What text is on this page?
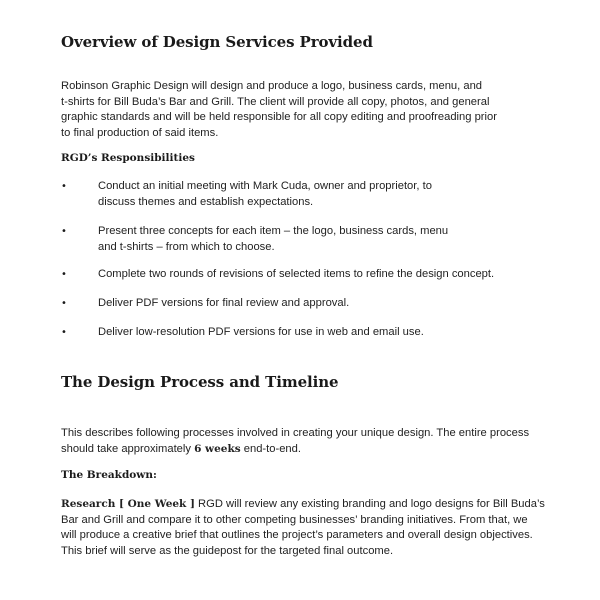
Overview of Design Services Provided
Robinson Graphic Design will design and produce a logo, business cards, menu, and
t-shirts for Bill Buda’s Bar and Grill. The client will provide all copy, photos, and general
graphic standards and will be held responsible for all copy editing and proofreading prior
to final production of said items.
RGD’s Responsibilities
•	Conduct an initial meeting with Mark Cuda, owner and proprietor, to
discuss themes and establish expectations.
•	Present three concepts for each item – the logo, business cards, menu
and t-shirts – from which to choose.
•	Complete two rounds of revisions of selected items to refine the design concept.
•	Deliver PDF versions for final review and approval.
•	Deliver low-resolution PDF versions for use in web and email use.
The Design Process and Timeline
This describes following processes involved in creating your unique design. The entire process
should take approximately 6 weeks end-to-end.
The Breakdown:
Research [ One Week ] RGD will review any existing branding and logo designs for Bill Buda’s
Bar and Grill and compare it to other competing businesses’ branding initiatives. From that, we
will produce a creative brief that outlines the project’s parameters and overall design objectives.
This brief will serve as the guidepost for the targeted final outcome.
